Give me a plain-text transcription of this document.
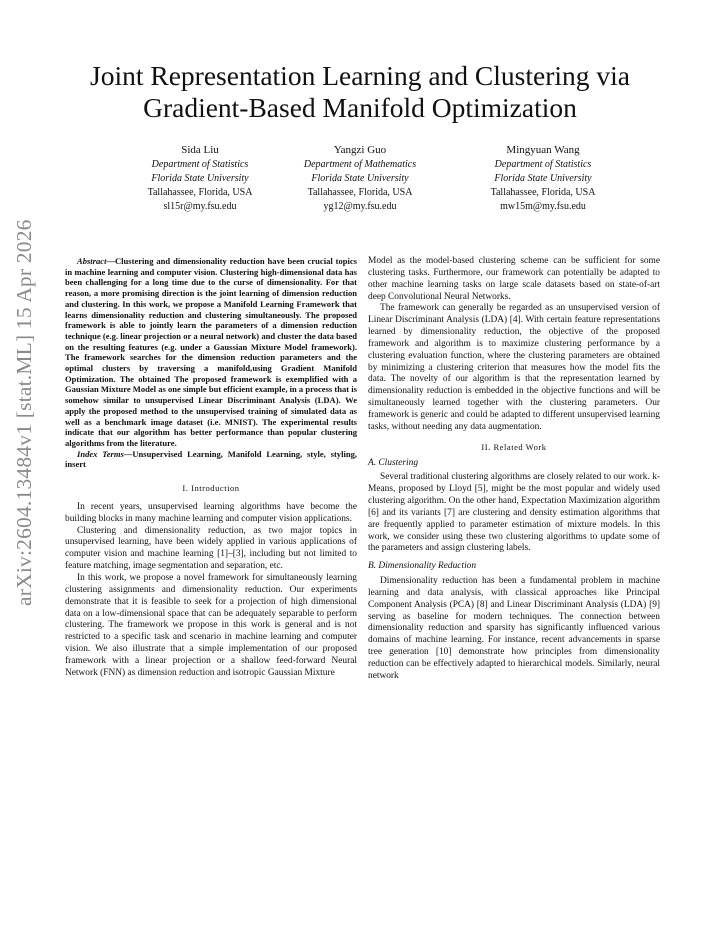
Joint Representation Learning and Clustering via Gradient-Based Manifold Optimization
Sida Liu
Department of Statistics
Florida State University
Tallahassee, Florida, USA
sl15r@my.fsu.edu
Yangzi Guo
Department of Mathematics
Florida State University
Tallahassee, Florida, USA
yg12@my.fsu.edu
Mingyuan Wang
Department of Statistics
Florida State University
Tallahassee, Florida, USA
mw15m@my.fsu.edu
arXiv:2604.13484v1 [stat.ML] 15 Apr 2026	Abstract—Clustering and dimensionality reduction have been crucial topics in machine learning and computer vision. Clustering high-dimensional data has been challenging for a long time due to the curse of dimensionality. For that reason, a more promising direction is the joint learning of dimension reduction and clustering. In this work, we propose a Manifold Learning Framework that learns dimensionality reduction and clustering simultaneously. The proposed framework is able to jointly learn the parameters of a dimension reduction technique (e.g. linear projection or a neural network) and cluster the data based on the resulting features (e.g. under a Gaussian Mixture Model framework). The framework searches for the dimension reduction parameters and the optimal clusters by traversing a manifold,using Gradient Manifold Optimization. The obtained The proposed framework is exemplified with a Gaussian Mixture Model as one simple but efficient example, in a process that is somehow similar to unsupervised Linear Discriminant Analysis (LDA). We apply the proposed method to the unsupervised training of simulated data as well as a benchmark image dataset (i.e. MNIST). The experimental results indicate that our algorithm has better performance than popular clustering algorithms from the literature.

Index Terms—Unsupervised Learning, Manifold Learning, style, styling, insert

I. Introduction

In recent years, unsupervised learning algorithms have become the building blocks in many machine learning and computer vision applications.

Clustering and dimensionality reduction, as two major topics in unsupervised learning, have been widely applied in various applications of computer vision and machine learning [1]–[3], including but not limited to feature matching, image segmentation and separation, etc.

In this work, we propose a novel framework for simultaneously learning clustering assignments and dimensionality reduction. Our experiments demonstrate that it is feasible to seek for a projection of high dimensional data on a low-dimensional space that can be adequately separable to perform clustering. The framework we propose in this work is general and is not restricted to a specific task and scenario in machine learning and computer vision. We also illustrate that a simple implementation of our proposed framework with a linear projection or a shallow feed-forward Neural Network (FNN) as dimension reduction and isotropic Gaussian Mixture

Model as the model-based clustering scheme can be sufficient for some clustering tasks. Furthermore, our framework can potentially be adapted to other machine learning tasks on large scale datasets based on state-of-art deep Convolutional Neural Networks.

The framework can generally be regarded as an unsupervised version of Linear Discriminant Analysis (LDA) [4]. With certain feature representations learned by dimensionality reduction, the objective of the proposed framework and algorithm is to maximize clustering performance by a clustering evaluation function, where the clustering parameters are obtained by minimizing a clustering criterion that measures how the model fits the data. The novelty of our algorithm is that the representation learned by dimensionality reduction is embedded in the objective functions and will be simultaneously learned together with the clustering parameters. Our framework is generic and could be adapted to different unsupervised learning tasks, without needing any data augmentation.

II. Related Work
A. Clustering

Several traditional clustering algorithms are closely related to our work. k-Means, proposed by Lloyd [5], might be the most popular and widely used clustering algorithm. On the other hand, Expectation Maximization algorithm [6] and its variants [7] are clustering and density estimation algorithms that are frequently applied to parameter estimation of mixture models. In this work, we consider using these two clustering algorithms to update some of the parameters and assign clustering labels.

B. Dimensionality Reduction

Dimensionality reduction has been a fundamental problem in machine learning and data analysis, with classical approaches like Principal Component Analysis (PCA) [8] and Linear Discriminant Analysis (LDA) [9] serving as baseline for modern techniques. The connection between dimensionality reduction and sparsity has significantly influenced various domains of machine learning. For instance, recent advancements in sparse tree generation [10] demonstrate how principles from dimensionality reduction can be effectively adapted to hierarchical models. Similarly, neural network
